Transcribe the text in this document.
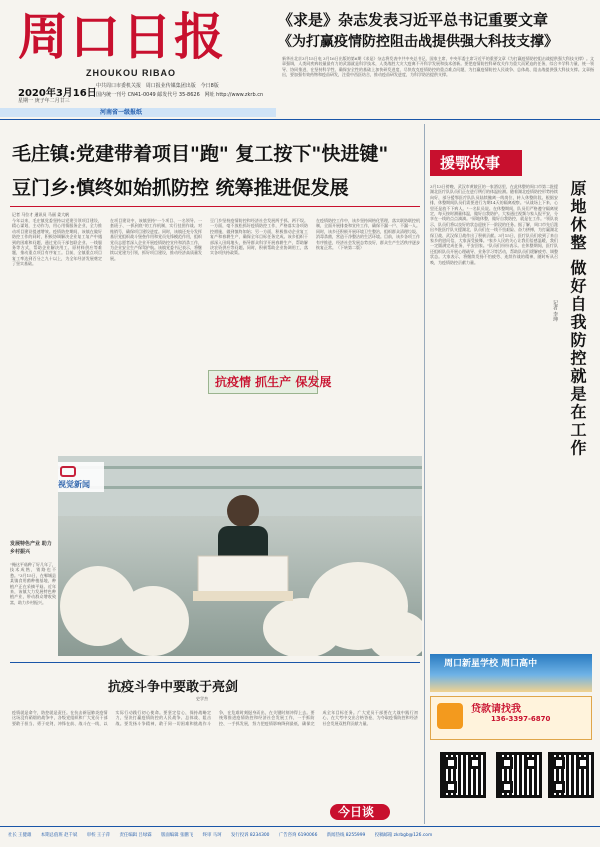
周口日报
ZHOUKOU RIBAO
《求是》杂志发表习近平总书记重要文章
《为打赢疫情防控阻击战提供强大科技支撑》
新华社北京3月15日电 3月16日出版的第6期《求是》杂志将发表中共中央总书记、国家主席、中央军委主席习近平的重要文章《为打赢疫情防控阻击战提供强大科技支撑》。文章强调，人类同疾病较量最有力的武器就是科学技术，人类战胜大灾大疫离不开科学发展和技术创新。要把疫情防控科研攻关作为重大而紧迫的任务，综合多学科力量，统一领导、协同推进，在坚持科学性、确保安全性的基础上加快研发进度，尽快攻克疫情防控的重点难点问题，为打赢疫情防控人民战争、总体战、阻击战提供强大科技支撑。文章指出，要加强有效药物和疫苗研发，注重中西医结合，推动疫苗研发进度，为科学防治提供支撑。
2020年3月16日
星期一 庚子年二月廿三
中共周口市委机关报 周口报业传媒集团出版 今日8版
国内统一刊号 CN41-0049 邮发代号 35-8626 网址 http://www.zkrb.cn
河南省一级报纸
毛庄镇:党建带着项目"跑" 复工按下"快进键"
豆门乡:慎终如始抓防控 统筹推进促发展
记者 马位才 通讯员 马丽 姜大帆
今年以来，毛庄镇党委坚持以党建引领项目建设，精心谋划，主动作为，用心用情服务企业，全力推动项目建设提速增效。疫情防控期间，该镇在做好防控工作的同时，积极协调解决企业复工复产中遇到的困难和问题，通过党员干部包联企业、一线服务等方式，帮助企业解决用工、原材料供应等难题，推动重点项目有序复工。目前，全镇重点项目复工率达到百分之九十以上，为全年经济发展奠定了坚实基础。
在项目建设中，该镇坚持"一个项目、一名领导、一套班子、一抓到底"的工作机制，实行挂图作战、对账销号，确保项目建设进度。同时，该镇还充分发挥基层党组织战斗堡垒作用和党员先锋模范作用，组织党员志愿者深入企业开展疫情防控宣传和消杀工作，为企业安全生产保驾护航。该镇党委书记表示，将继续以党建为引领，抓好项目建设，推动经济高质量发展。
豆门乡坚持疫情防控和经济社会发展两手抓、两不误。一方面，毫不放松抓好疫情防控工作，严格落实各项防控措施，做到慎终如始；另一方面，积极推动企业复工复产和春耕生产，确保全年目标任务完成。该乡组织干部深入田间地头，指导群众科学开展春耕生产，帮助解决农资供应等问题。同时，积极帮助企业协调用工，落实各项扶持政策。
在疫情防控工作中，该乡坚持网格化管理，落实联防联控机制，全面开展排查和宣传工作，确保不漏一户、不漏一人。同时，该乡还积极开展环境卫生整治，组织群众清理垃圾、消毒杀菌，营造干净整洁的生活环境。目前，该乡各项工作有序推进，经济社会发展态势良好，群众生产生活秩序逐步恢复正常。（下转第二版）
抗疫情 抓生产 保发展
视觉新闻
发展特色产业 助力乡村振兴
"俺这平菇种了好几年了，技术成熟，销路也不愁。"3月15日，在郸城县某镇食用菌种植基地，种植户正在采摘平菇。近年来，该镇大力发展特色种植产业，带动群众增收致富，助力乡村振兴。
抗疫斗争中要敢于亮剑
史学杰
疫情就是命令，防控就是责任。在抗击新冠肺炎疫情这场没有硝烟的战争中，各级党组织和广大党员干部要敢于担当、勇于亮剑，冲锋在前、战斗在一线，以实际行动践行初心使命。要坚定信心，保持战略定力，坚决打赢疫情防控的人民战争、总体战、阻击战。要发扬斗争精神，敢于同一切困难和挑战作斗争，在危难时刻挺身而出，在关键时刻冲得上去。要统筹推进疫情防控和经济社会发展工作，一手抓防控、一手抓发展，努力把疫情影响降到最低，确保完成全年目标任务。广大党员干部要在大战中践行初心，在大考中交出合格答卷，为夺取疫情防控和经济社会发展双胜利贡献力量。
今日谈
援鄂故事
3月13日傍晚，武汉市黄陂区的一家酒店里，在此休整的周口市第二批援湖北医疗队队员们正在进行例行的体温检测。随着湖北疫情防控形势持续向好，部分援鄂医疗队队员陆续撤离一线岗位，转入休整阶段。根据安排，休整期间队员们需要进行为期14天的隔离观察。"从战场上下来，心里还是放不下病人。"一名队员说。在休整期间，队员们严格遵守隔离规定，每天按时测量体温，做好自我防护。大家通过视频与家人报平安，分享在一线的点点滴滴。"原地休整，做好自我防控，就是在工作。"领队表示，队员们将以良好的状态迎接下一阶段的任务。据了解，周口市先后派出多批医疗队支援湖北，队员们在一线不畏艰险、奋力拼搏，为打赢湖北保卫战、武汉保卫战作出了积极贡献。3月15日，医疗队员们收到了来自家乡的慰问信，大家深受鼓舞。"家乡人民的关心让我们倍感温暖，我们一定圆满完成任务，平安回家。"队员们纷纷表示。在休整期间，医疗队还组织队员开展心理疏导、业务学习等活动，帮助队员们缓解疲劳、调整状态。大家表示，将继续发扬不怕疲劳、连续作战的精神，随时听从召唤，为疫情防控贡献力量。	原地休整 做好自我防控就是在工作
记者 李坤
周口新星学校 周口高中
贷款请找我
136-3397-6870
社长 王健雄 本期总值班 赵千斌 审校 王子萍 责任编辑 吕绿霖 版面编辑 张鹏飞 终审 马珂 发行投诉 8234300 广告咨询 6190066 新闻热线 8255999 投稿邮箱 zkrbgb@126.com
